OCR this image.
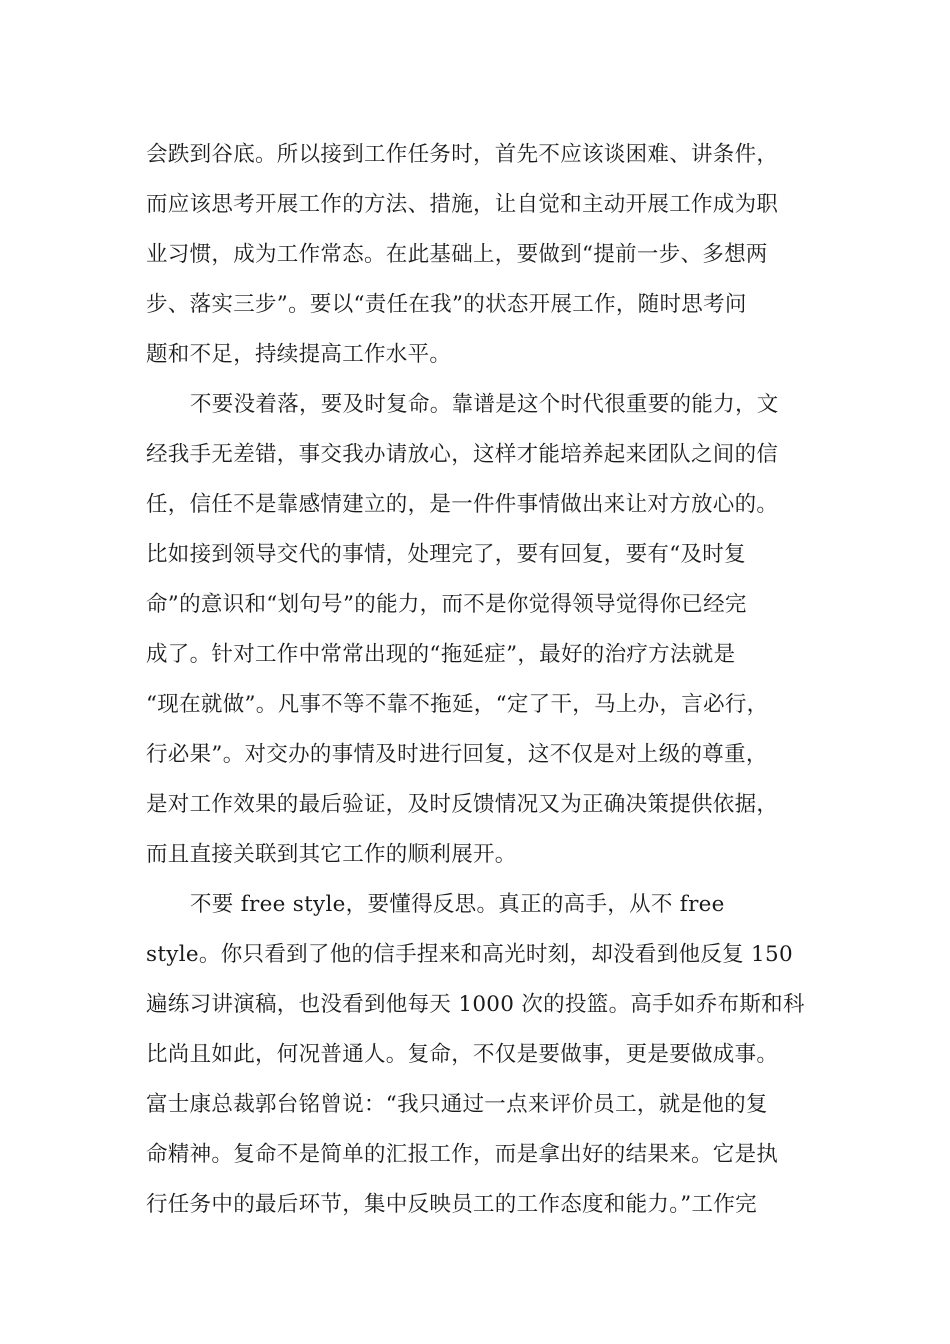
会跌到谷底。所以接到工作任务时，首先不应该谈困难、讲条件，
而应该思考开展工作的方法、措施，让自觉和主动开展工作成为职
业习惯，成为工作常态。在此基础上，要做到“提前一步、多想两
步、落实三步”。要以“责任在我”的状态开展工作，随时思考问
题和不足，持续提高工作水平。
不要没着落，要及时复命。靠谱是这个时代很重要的能力，文
经我手无差错，事交我办请放心，这样才能培养起来团队之间的信
任，信任不是靠感情建立的，是一件件事情做出来让对方放心的。
比如接到领导交代的事情，处理完了，要有回复，要有“及时复
命”的意识和“划句号”的能力，而不是你觉得领导觉得你已经完
成了。针对工作中常常出现的“拖延症”，最好的治疗方法就是
“现在就做”。凡事不等不靠不拖延，“定了干，马上办，言必行，
行必果”。对交办的事情及时进行回复，这不仅是对上级的尊重，
是对工作效果的最后验证，及时反馈情况又为正确决策提供依据，
而且直接关联到其它工作的顺利展开。
不要 free style，要懂得反思。真正的高手，从不 free
style。你只看到了他的信手捏来和高光时刻，却没看到他反复 150
遍练习讲演稿，也没看到他每天 1000 次的投篮。高手如乔布斯和科
比尚且如此，何况普通人。复命，不仅是要做事，更是要做成事。
富士康总裁郭台铭曾说：“我只通过一点来评价员工，就是他的复
命精神。复命不是简单的汇报工作，而是拿出好的结果来。它是执
行任务中的最后环节，集中反映员工的工作态度和能力。”工作完
